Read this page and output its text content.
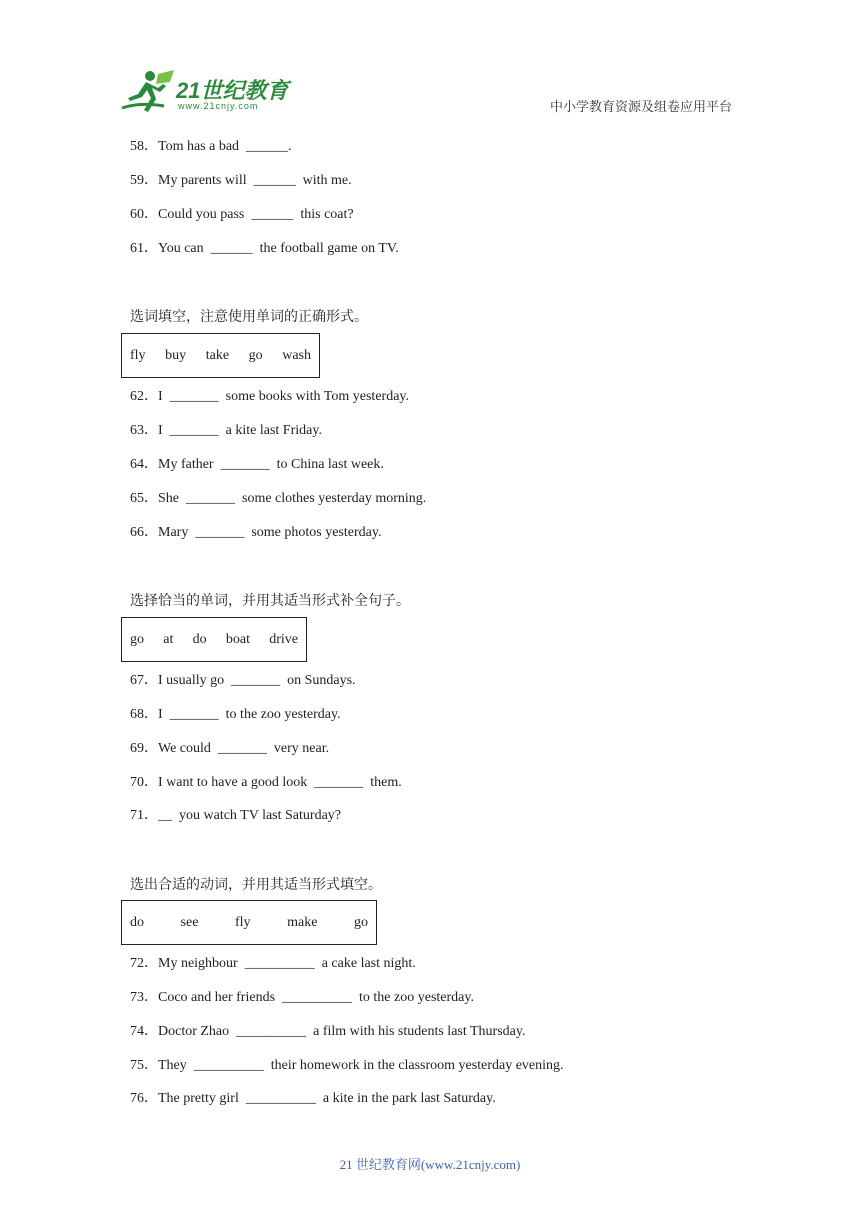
21世纪教育
www.21cnjy.com	中小学教育资源及组卷应用平台
58．Tom has a bad  ______.
59．My parents will  ______  with me.
60．Could you pass  ______  this coat?
61．You can  ______  the football game on TV.
选词填空，注意使用单词的正确形式。
fly buy take go wash
62．I  _______  some books with Tom yesterday.
63．I  _______  a kite last Friday.
64．My father  _______  to China last week.
65．She  _______  some clothes yesterday morning.
66．Mary  _______  some photos yesterday.
选择恰当的单词，并用其适当形式补全句子。
go at do boat drive
67．I usually go  _______  on Sundays.
68．I  _______  to the zoo yesterday.
69．We could  _______  very near.
70．I want to have a good look  _______  them.
71．__  you watch TV last Saturday?
选出合适的动词，并用其适当形式填空。
do	see	fly	make	go
72．My neighbour  __________  a cake last night.
73．Coco and her friends  __________  to the zoo yesterday.
74．Doctor Zhao  __________  a film with his students last Thursday.
75．They  __________  their homework in the classroom yesterday evening.
76．The pretty girl  __________  a kite in the park last Saturday.
21 世纪教育网(www.21cnjy.com)
